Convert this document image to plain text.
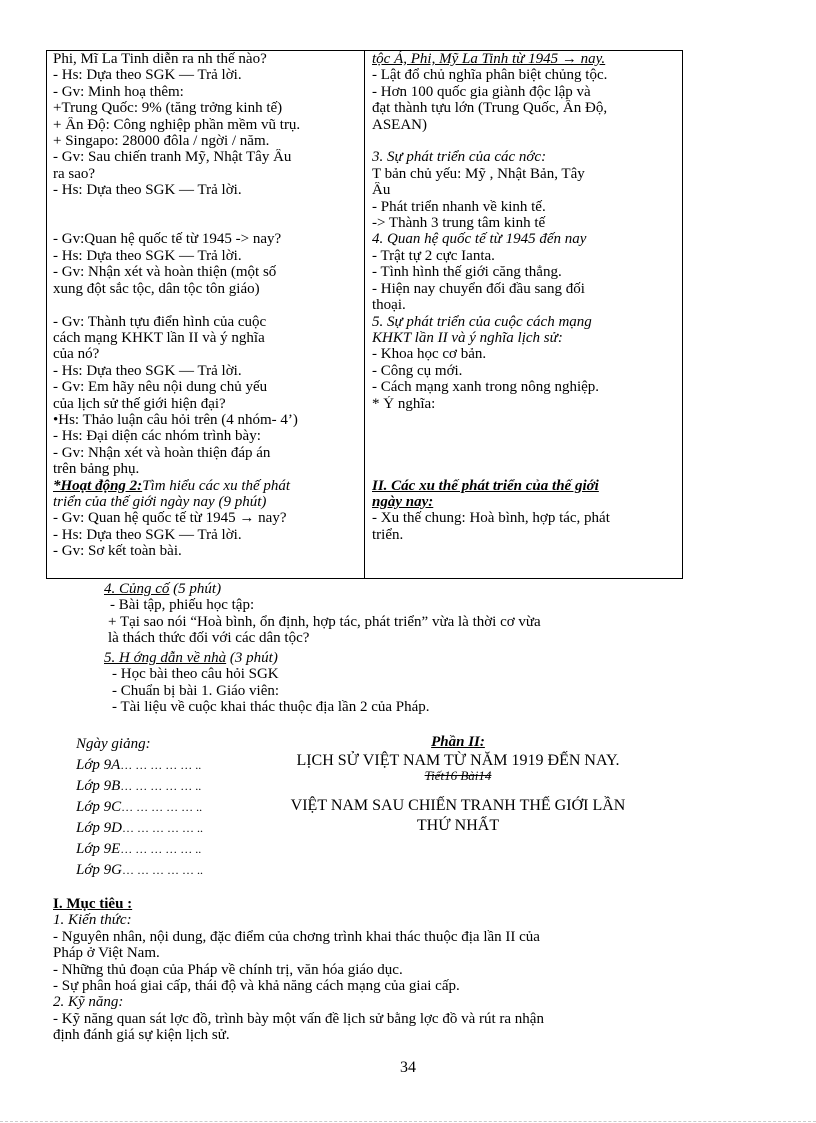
Phi, Mĩ La Tinh diễn ra nh thế nào?
- Hs: Dựa theo SGK — Trả lời.
- Gv: Minh hoạ thêm:
+Trung Quốc: 9% (tăng trởng kinh tế)
+ Ấn Độ: Công nghiệp phần mềm vũ trụ.
+ Singapo: 28000 đôla / ngời / năm.
- Gv: Sau chiến tranh Mỹ, Nhật Tây Âu
ra sao?
- Hs: Dựa theo SGK — Trả lời.

- Gv:Quan hệ quốc tế từ 1945 -> nay?
- Hs: Dựa theo SGK — Trả lời.
- Gv: Nhận xét và hoàn thiện (một số
xung đột sắc tộc, dân tộc tôn giáo)

- Gv: Thành tựu điển hình của cuộc
cách mạng KHKT lần II và ý nghĩa
của nó?
- Hs: Dựa theo SGK — Trả lời.
- Gv: Em hãy nêu nội dung chủ yếu
của lịch sử thế giới hiện đại?
•Hs: Thảo luận câu hỏi trên (4 nhóm- 4’)
- Hs: Đại diện các nhóm trình bày:
- Gv: Nhận xét và hoàn thiện đáp án
trên bảng phụ.
*Hoạt động 2:Tìm hiểu các xu thế phát
triển của thế giới ngày nay (9 phút)
- Gv: Quan hệ quốc tế từ 1945 → nay?
- Hs: Dựa theo SGK — Trả lời.
- Gv: Sơ kết toàn bài.
tộc Á, Phi, Mỹ La Tinh từ 1945 → nay.
- Lật đổ chủ nghĩa phân biệt chủng tộc.
- Hơn 100 quốc gia giành độc lập và
đạt thành tựu lớn (Trung Quốc, Ấn Độ,
ASEAN)

3. Sự phát triển của các nớc:
T bản chủ yếu: Mỹ , Nhật Bản, Tây
Âu
- Phát triển nhanh về kinh tế.
-> Thành 3 trung tâm kinh tế
4. Quan hệ quốc tế từ 1945 đến nay
- Trật tự 2 cực Ianta.
- Tình hình thế giới căng thẳng.
- Hiện nay chuyển đối đầu sang đối
thoại.
5. Sự phát triển của cuộc cách mạng
KHKT lần II và ý nghĩa lịch sử:
- Khoa học cơ bản.
- Công cụ mới.
- Cách mạng xanh trong nông nghiệp.
* Ý nghĩa:

II. Các xu thế phát triển của thế giới
ngày nay:
- Xu thế chung: Hoà bình, hợp tác, phát
triển.
4. Củng cố (5 phút)
- Bài tập, phiếu học tập:
+ Tại sao nói “Hoà bình, ổn định, hợp tác, phát triển” vừa là thời cơ vừa
là thách thức đối với các dân tộc?
5. H ớng dẫn về nhà (3 phút)
- Học bài theo câu hỏi SGK
- Chuẩn bị bài 1. Giáo viên:
- Tài liệu về cuộc khai thác thuộc địa lần 2 của Pháp.
Ngày giảng:
Lớp 9A… … … … … ..
Lớp 9B… … … … … ..
Lớp 9C… … … … … ..
Lớp 9D… … … … … ..
Lớp 9E… … … … … ..
Lớp 9G… … … … … ..
Phần II:
LỊCH SỬ VIỆT NAM TỪ NĂM 1919 ĐẾN NAY.
Tiết16 Bài14
VIỆT NAM SAU CHIẾN TRANH THẾ GIỚI LẦN
THỨ NHẤT
I. Mục tiêu :
1. Kiến thức:
- Nguyên nhân, nội dung, đặc điểm của chơng trình khai thác thuộc địa lần II của
Pháp ở Việt Nam.
- Những thủ đoạn của Pháp về chính trị, văn hóa giáo dục.
- Sự phân hoá giai cấp, thái độ và khả năng cách mạng của giai cấp.
2. Kỹ năng:
- Kỹ năng quan sát lợc đồ, trình bày một vấn đề lịch sử bằng lợc đồ và rút ra nhận
định đánh giá sự kiện lịch sử.
34
